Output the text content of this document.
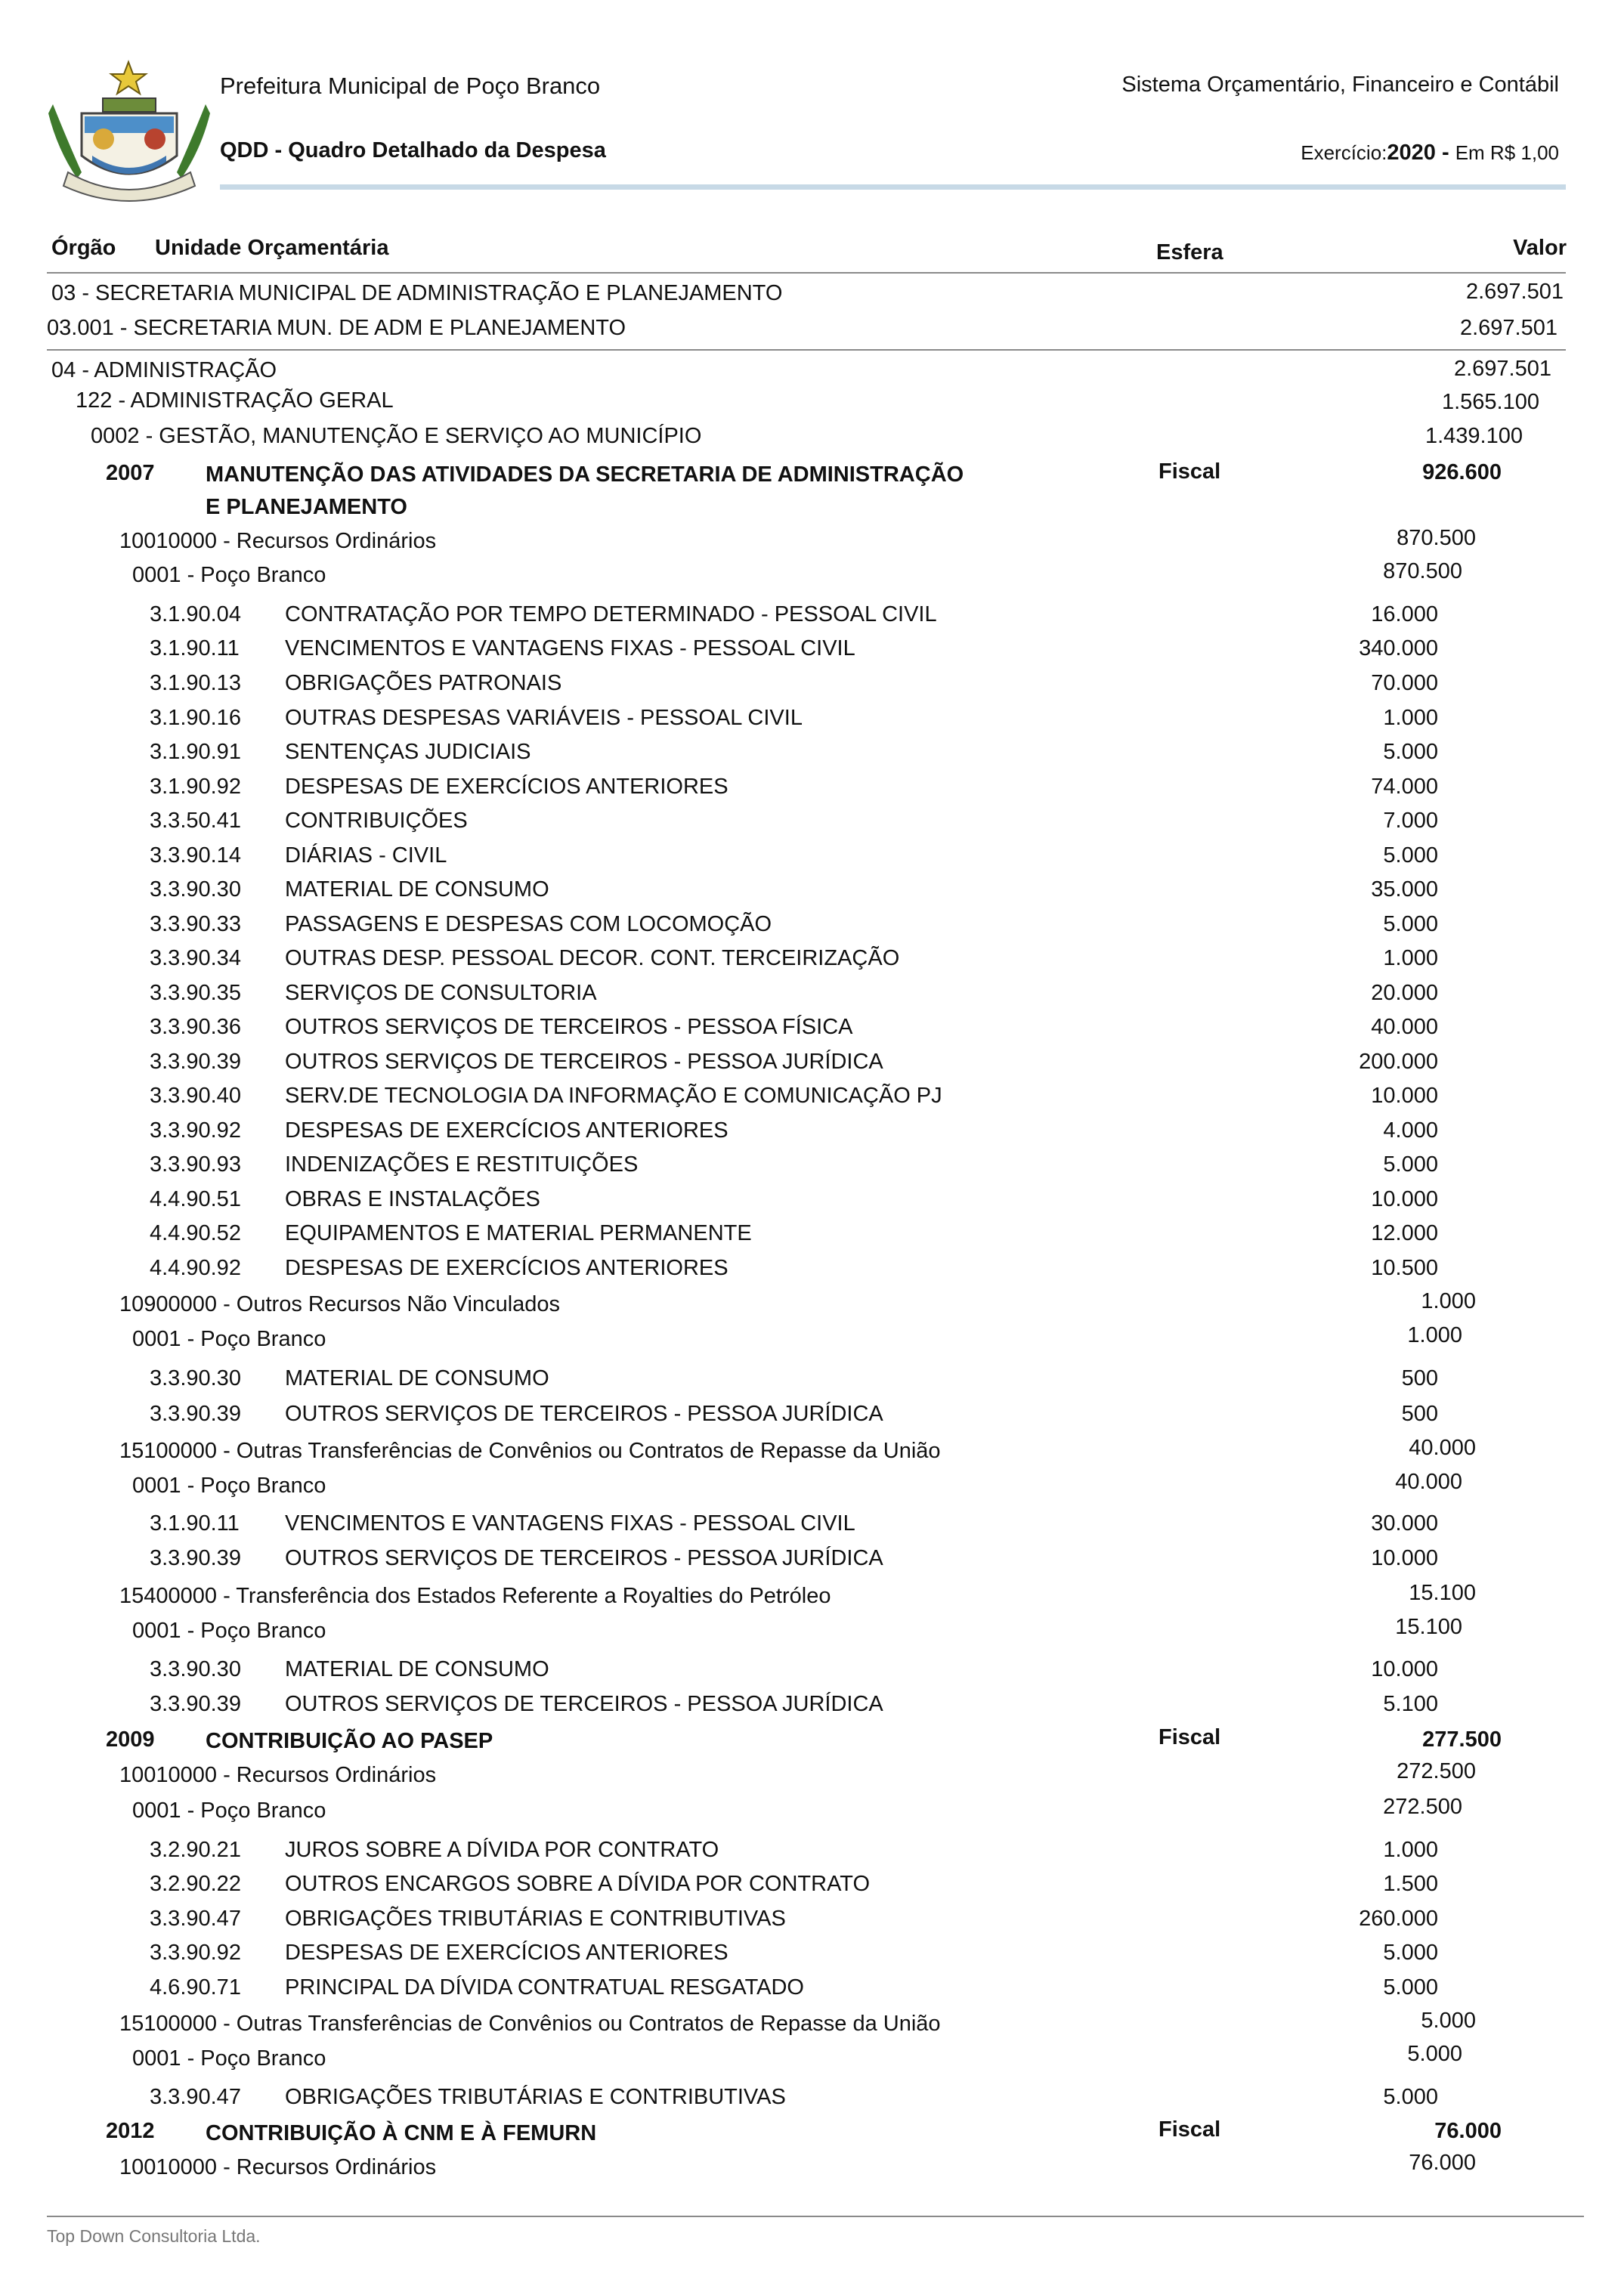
Prefeitura Municipal de Poço Branco	Sistema Orçamentário, Financeiro e Contábil
QDD - Quadro Detalhado da Despesa	Exercício:2020 - Em R$ 1,00
Órgão Unidade Orçamentária	Esfera	Valor
03 - SECRETARIA MUNICIPAL DE ADMINISTRAÇÃO E PLANEJAMENTO	2.697.501
03.001 - SECRETARIA MUN. DE ADM E PLANEJAMENTO	2.697.501
04 - ADMINISTRAÇÃO	2.697.501
122 - ADMINISTRAÇÃO GERAL	1.565.100
0002 - GESTÃO, MANUTENÇÃO E SERVIÇO AO MUNICÍPIO	1.439.100
2007 MANUTENÇÃO DAS ATIVIDADES DA SECRETARIA DE ADMINISTRAÇÃO
E PLANEJAMENTO
Fiscal	926.600
10010000 - Recursos Ordinários	870.500
0001 - Poço Branco	870.500
3.1.90.04 CONTRATAÇÃO POR TEMPO DETERMINADO - PESSOAL CIVIL	16.000
3.1.90.11 VENCIMENTOS E VANTAGENS FIXAS - PESSOAL CIVIL	340.000
3.1.90.13 OBRIGAÇÕES PATRONAIS	70.000
3.1.90.16 OUTRAS DESPESAS VARIÁVEIS - PESSOAL CIVIL	1.000
3.1.90.91 SENTENÇAS JUDICIAIS	5.000
3.1.90.92 DESPESAS DE EXERCÍCIOS ANTERIORES	74.000
3.3.50.41 CONTRIBUIÇÕES	7.000
3.3.90.14 DIÁRIAS - CIVIL	5.000
3.3.90.30 MATERIAL DE CONSUMO	35.000
3.3.90.33 PASSAGENS E DESPESAS COM LOCOMOÇÃO	5.000
3.3.90.34 OUTRAS DESP. PESSOAL DECOR. CONT. TERCEIRIZAÇÃO	1.000
3.3.90.35 SERVIÇOS DE CONSULTORIA	20.000
3.3.90.36 OUTROS SERVIÇOS DE TERCEIROS - PESSOA FÍSICA	40.000
3.3.90.39 OUTROS SERVIÇOS DE TERCEIROS - PESSOA JURÍDICA	200.000
3.3.90.40 SERV.DE TECNOLOGIA DA INFORMAÇÃO E COMUNICAÇÃO PJ	10.000
3.3.90.92 DESPESAS DE EXERCÍCIOS ANTERIORES	4.000
3.3.90.93 INDENIZAÇÕES E RESTITUIÇÕES	5.000
4.4.90.51 OBRAS E INSTALAÇÕES	10.000
4.4.90.52 EQUIPAMENTOS E MATERIAL PERMANENTE	12.000
4.4.90.92 DESPESAS DE EXERCÍCIOS ANTERIORES	10.500
10900000 - Outros Recursos Não Vinculados	1.000
0001 - Poço Branco	1.000
3.3.90.30 MATERIAL DE CONSUMO	500
3.3.90.39 OUTROS SERVIÇOS DE TERCEIROS - PESSOA JURÍDICA	500
15100000 - Outras Transferências de Convênios ou Contratos de Repasse da União	40.000
0001 - Poço Branco	40.000
3.1.90.11 VENCIMENTOS E VANTAGENS FIXAS - PESSOAL CIVIL	30.000
3.3.90.39 OUTROS SERVIÇOS DE TERCEIROS - PESSOA JURÍDICA	10.000
15400000 - Transferência dos Estados Referente a Royalties do Petróleo	15.100
0001 - Poço Branco	15.100
3.3.90.30 MATERIAL DE CONSUMO	10.000
3.3.90.39 OUTROS SERVIÇOS DE TERCEIROS - PESSOA JURÍDICA	5.100
2009 CONTRIBUIÇÃO AO PASEP	Fiscal	277.500
10010000 - Recursos Ordinários	272.500
0001 - Poço Branco	272.500
3.2.90.21 JUROS SOBRE A DÍVIDA POR CONTRATO	1.000
3.2.90.22 OUTROS ENCARGOS SOBRE A DÍVIDA POR CONTRATO	1.500
3.3.90.47 OBRIGAÇÕES TRIBUTÁRIAS E CONTRIBUTIVAS	260.000
3.3.90.92 DESPESAS DE EXERCÍCIOS ANTERIORES	5.000
4.6.90.71 PRINCIPAL DA DÍVIDA CONTRATUAL RESGATADO	5.000
15100000 - Outras Transferências de Convênios ou Contratos de Repasse da União	5.000
0001 - Poço Branco	5.000
3.3.90.47 OBRIGAÇÕES TRIBUTÁRIAS E CONTRIBUTIVAS	5.000
2012 CONTRIBUIÇÃO À CNM E À FEMURN	Fiscal	76.000
10010000 - Recursos Ordinários	76.000
Top Down Consultoria Ltda.
